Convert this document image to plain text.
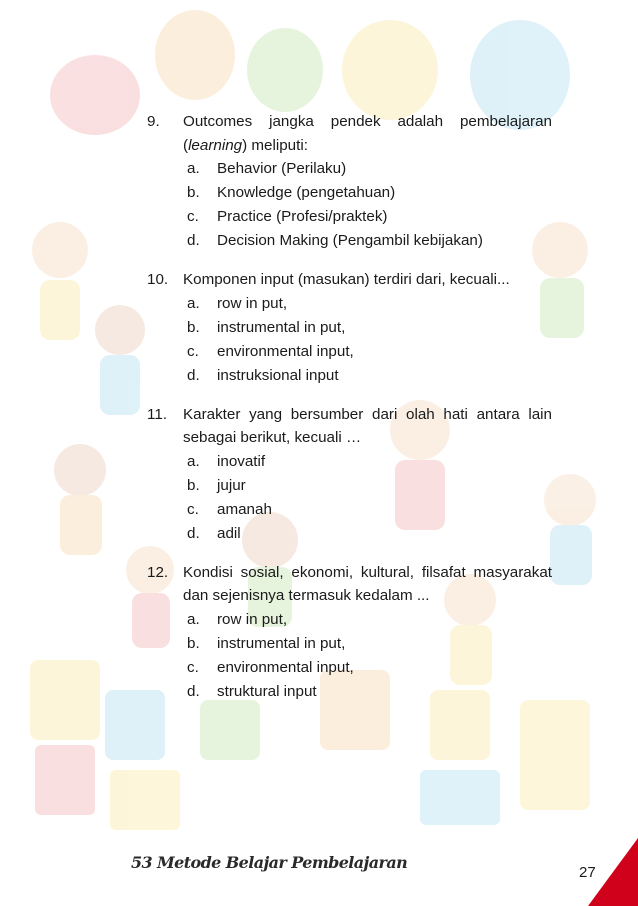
9. Outcomes jangka pendek adalah pembelajaran (learning) meliputi:
a. Behavior (Perilaku)
b. Knowledge (pengetahuan)
c. Practice (Profesi/praktek)
d. Decision Making (Pengambil kebijakan)
10. Komponen input (masukan) terdiri dari, kecuali...
a. row in put,
b. instrumental in put,
c. environmental input,
d. instruksional input
11. Karakter yang bersumber dari olah hati antara lain sebagai berikut, kecuali …
a. inovatif
b. jujur
c. amanah
d. adil
12. Kondisi sosial, ekonomi, kultural, filsafat masyarakat dan sejenisnya termasuk kedalam ...
a. row in put,
b. instrumental in put,
c. environmental input,
d. struktural input
53 Metode Belajar Pembelajaran
27
